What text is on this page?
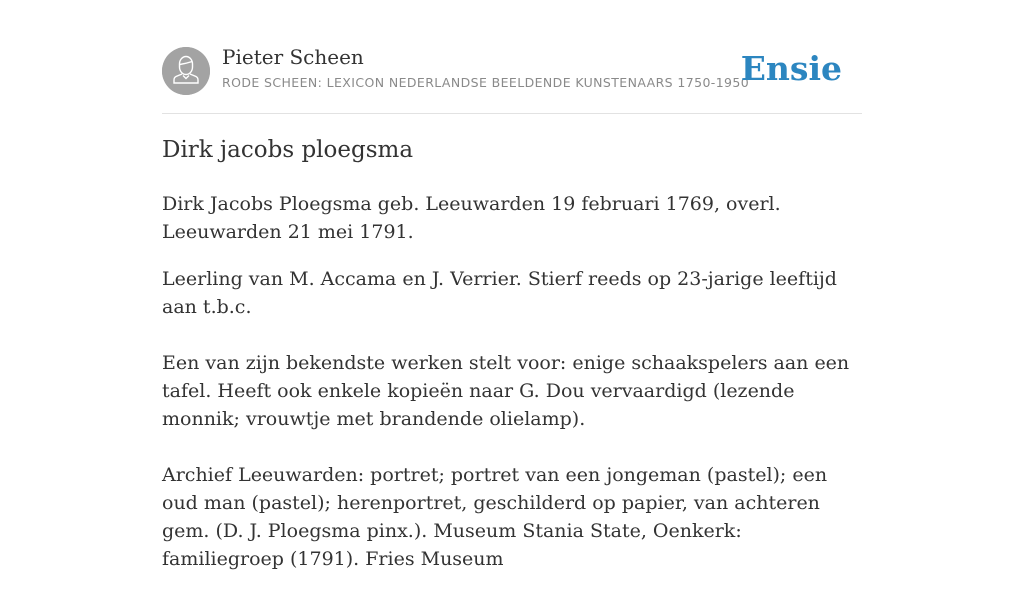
Pieter Scheen
RODE SCHEEN: LEXICON NEDERLANDSE BEELDENDE KUNSTENAARS 1750-1950
Ensie
Dirk jacobs ploegsma

Dirk Jacobs Ploegsma geb. Leeuwarden 19 februari 1769, overl. Leeuwarden 21 mei 1791.

Leerling van M. Accama en J. Verrier. Stierf reeds op 23-jarige leeftijd aan t.b.c.

Een van zijn bekendste werken stelt voor: enige schaakspelers aan een tafel. Heeft ook enkele kopieën naar G. Dou vervaardigd (lezende monnik; vrouwtje met brandende olielamp).

Archief Leeuwarden: portret; portret van een jongeman (pastel); een oud man (pastel); herenportret, geschilderd op papier, van achteren gem. (D. J. Ploegsma pinx.). Museum Stania State, Oenkerk: familiegroep (1791). Fries Museum
